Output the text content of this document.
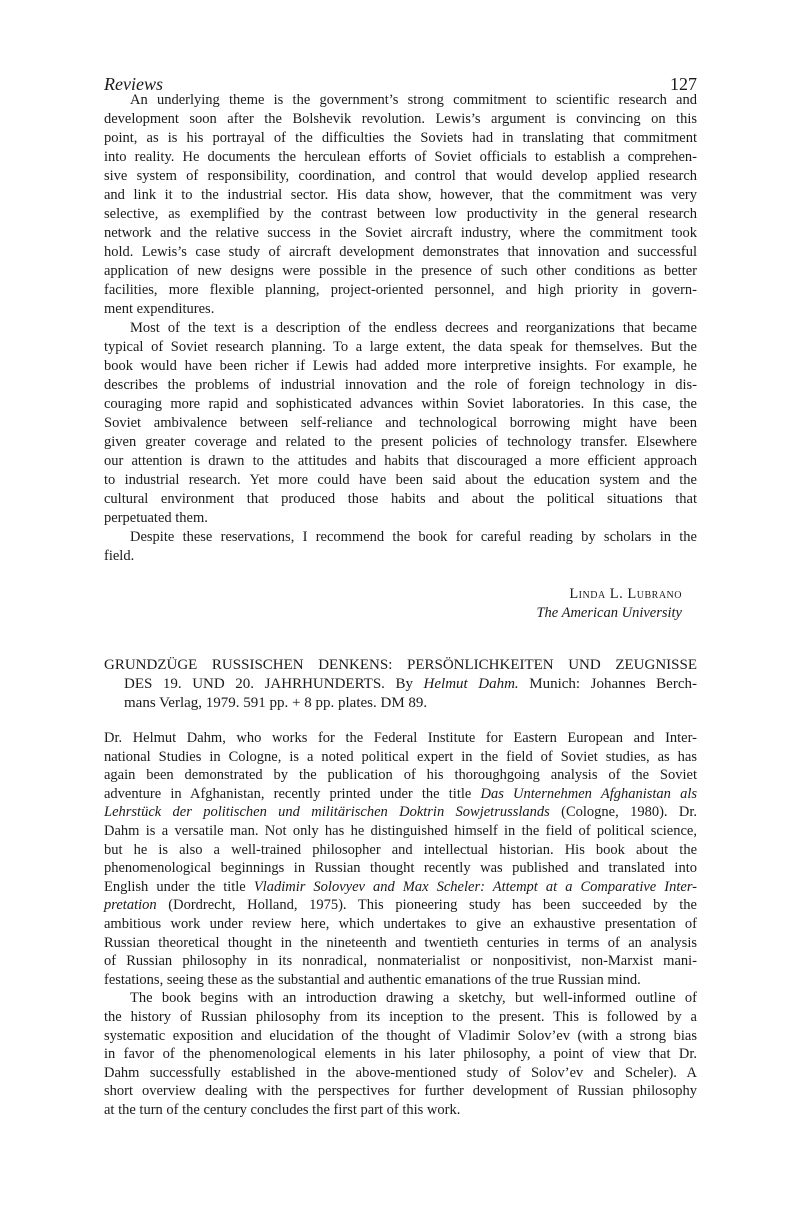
Reviews	127
An underlying theme is the government’s strong commitment to scientific research and
development soon after the Bolshevik revolution. Lewis’s argument is convincing on this
point, as is his portrayal of the difficulties the Soviets had in translating that commitment
into reality. He documents the herculean efforts of Soviet officials to establish a comprehen-
sive system of responsibility, coordination, and control that would develop applied research
and link it to the industrial sector. His data show, however, that the commitment was very
selective, as exemplified by the contrast between low productivity in the general research
network and the relative success in the Soviet aircraft industry, where the commitment took
hold. Lewis’s case study of aircraft development demonstrates that innovation and successful
application of new designs were possible in the presence of such other conditions as better
facilities, more flexible planning, project-oriented personnel, and high priority in govern-
ment expenditures.
Most of the text is a description of the endless decrees and reorganizations that became
typical of Soviet research planning. To a large extent, the data speak for themselves. But the
book would have been richer if Lewis had added more interpretive insights. For example, he
describes the problems of industrial innovation and the role of foreign technology in dis-
couraging more rapid and sophisticated advances within Soviet laboratories. In this case, the
Soviet ambivalence between self-reliance and technological borrowing might have been
given greater coverage and related to the present policies of technology transfer. Elsewhere
our attention is drawn to the attitudes and habits that discouraged a more efficient approach
to industrial research. Yet more could have been said about the education system and the
cultural environment that produced those habits and about the political situations that
perpetuated them.
Despite these reservations, I recommend the book for careful reading by scholars in the
field.
Linda L. Lubrano
The American University
GRUNDZÜGE RUSSISCHEN DENKENS: PERSÖNLICHKEITEN UND ZEUGNISSE
DES 19. UND 20. JAHRHUNDERTS. By Helmut Dahm. Munich: Johannes Berch-
mans Verlag, 1979. 591 pp. + 8 pp. plates. DM 89.
Dr. Helmut Dahm, who works for the Federal Institute for Eastern European and Inter-
national Studies in Cologne, is a noted political expert in the field of Soviet studies, as has
again been demonstrated by the publication of his thoroughgoing analysis of the Soviet
adventure in Afghanistan, recently printed under the title Das Unternehmen Afghanistan als
Lehrstück der politischen und militärischen Doktrin Sowjetrusslands (Cologne, 1980). Dr.
Dahm is a versatile man. Not only has he distinguished himself in the field of political science,
but he is also a well-trained philosopher and intellectual historian. His book about the
phenomenological beginnings in Russian thought recently was published and translated into
English under the title Vladimir Solovyev and Max Scheler: Attempt at a Comparative Inter-
pretation (Dordrecht, Holland, 1975). This pioneering study has been succeeded by the
ambitious work under review here, which undertakes to give an exhaustive presentation of
Russian theoretical thought in the nineteenth and twentieth centuries in terms of an analysis
of Russian philosophy in its nonradical, nonmaterialist or nonpositivist, non-Marxist mani-
festations, seeing these as the substantial and authentic emanations of the true Russian mind.
The book begins with an introduction drawing a sketchy, but well-informed outline of
the history of Russian philosophy from its inception to the present. This is followed by a
systematic exposition and elucidation of the thought of Vladimir Solov’ev (with a strong bias
in favor of the phenomenological elements in his later philosophy, a point of view that Dr.
Dahm successfully established in the above-mentioned study of Solov’ev and Scheler). A
short overview dealing with the perspectives for further development of Russian philosophy
at the turn of the century concludes the first part of this work.
